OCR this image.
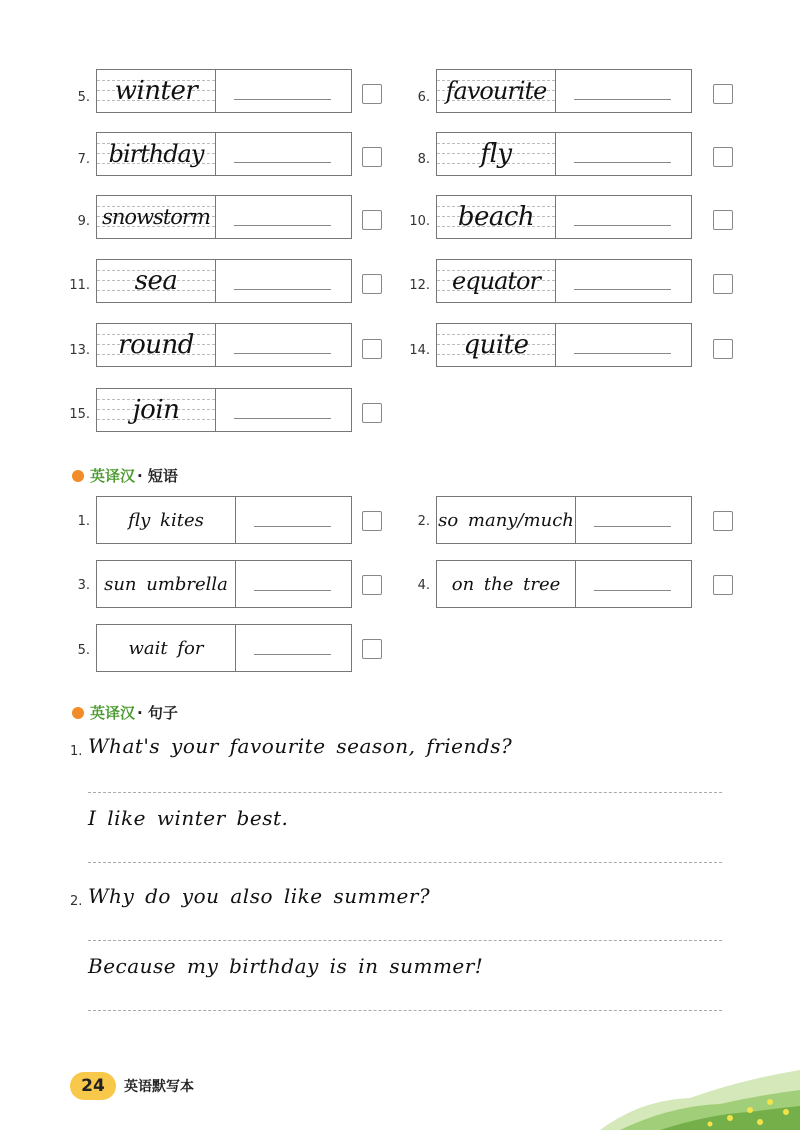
5. winter	6. favourite
7. birthday	8.	fly
9. snowstorm	10.	beach
11.	sea	12. equator
13.	round	14.	quite
15.	join
英译汉 · 短语
1. fly kites	2. so many/much
3. sun umbrella	4. on the tree
5. wait for
英译汉 · 句子
1. What's your favourite season, friends?
I like winter best.
2. Why do you also like summer?
Because my birthday is in summer!
24	英语默写本
